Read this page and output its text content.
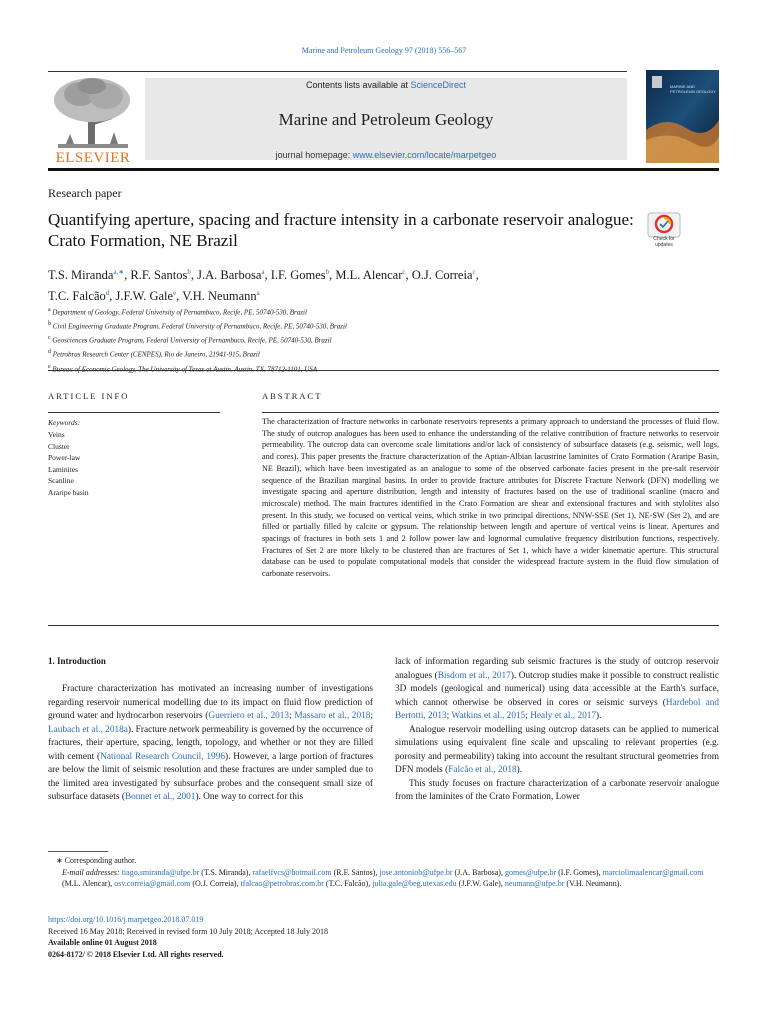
Marine and Petroleum Geology 97 (2018) 556–567

ELSEVIER
Contents lists available at ScienceDirect
Marine and Petroleum Geology
journal homepage: www.elsevier.com/locate/marpetgeo
MARINE AND PETROLEUM GEOLOGY

Research paper

Quantifying aperture, spacing and fracture intensity in a carbonate reservoir analogue: Crato Formation, NE Brazil	Check for updates

T.S. Miranda$^{a,∗}$, R.F. Santos$^b$, J.A. Barbosa$^a$, I.F. Gomes$^b$, M.L. Alencar$^c$, O.J. Correia$^c$,
T.C. Falcão$^d$, J.F.W. Gale$^e$, V.H. Neumann$^a$

$^a$ Department of Geology, Federal University of Pernambuco, Recife, PE, 50740-530, Brazil
$^b$ Civil Engineering Graduate Program, Federal University of Pernambuco, Recife, PE, 50740-530, Brazil
$^c$ Geosciences Graduate Program, Federal University of Pernambuco, Recife, PE, 50740-530, Brazil
$^d$ Petrobras Research Center (CENPES), Rio de Janeiro, 21941-915, Brazil
$^e$ Bureau of Economic Geology, The University of Texas at Austin, Austin, TX, 78712-1101, USA

ARTICLE INFO

Keywords:

Veins
Cluster
Power-law
Laminites
Scanline
Araripe basin

ABSTRACT

The characterization of fracture networks in carbonate reservoirs represents a primary approach to understand the processes of fluid flow. The study of outcrop analogues has been used to enhance the understanding of the relative contribution of fracture networks to reservoir permeability. The outcrop data can overcome scale limitations and/or lack of consistency of subsurface datasets (e.g. seismic, well logs, and cores). This paper presents the fracture characterization of the Aptian-Albian lacustrine laminites of Crato Formation (Araripe Basin, NE Brazil), which have been investigated as an analogue to some of the observed carbonate facies present in the pre-salt reservoir sequence of the Brazilian marginal basins. In order to provide fracture attributes for Discrete Fracture Network (DFN) modelling we investigate spacing and aperture distribution, length and intensity of fractures based on the use of traditional scanline (macro and microscale) method. The main fractures identified in the Crato Formation are shear and extensional fractures and with stylolites also present. In this study, we focused on vertical veins, which strike in two principal directions, NNW-SSE (Set 1), NE-SW (Set 2), and are filled or partially filled by calcite or gypsum. The relationship between length and aperture of vertical veins is linear. Apertures and spacings of fractures in both sets 1 and 2 follow power law and lognormal cumulative frequency distribution functions, respectively. Fractures of Set 2 are more likely to be clustered than are fractures of Set 1, which have a wider kinematic aperture. This structural database can be used to populate computational models that consider the widespread fracture system in the fluid flow simulation of carbonate reservoirs.

1. Introduction

Fracture characterization has motivated an increasing number of investigations regarding reservoir numerical modelling due to its impact on fluid flow prediction of ground water and hydrocarbon reservoirs (Guerriero et al., 2013; Massaro et al., 2018; Laubach et al., 2018a). Fracture network permeability is governed by the occurrence of fractures, their aperture, spacing, length, topology, and whether or not they are filled with cement (National Research Council, 1996). However, a large portion of fractures are below the limit of seismic resolution and these fractures are under sampled due to the limited area investigated by subsurface probes and the consequent small size of subsurface datasets (Bonnet et al., 2001). One way to correct for this

lack of information regarding sub seismic fractures is the study of outcrop reservoir analogues (Bisdom et al., 2017). Outcrop studies make it possible to construct realistic 3D models (geological and numerical) using data accessible at the Earth's surface, which cannot otherwise be observed in cores or seismic surveys (Hardebol and Bertotti, 2013; Watkins et al., 2015; Healy et al., 2017).

Analogue reservoir modelling using outcrop datasets can be applied to numerical simulations using equivalent fine scale and upscaling to relevant properties (e.g. porosity and permeability) taking into account the resultant structural geometries from DFN models (Falcão et al., 2018).

This study focuses on fracture characterization of a carbonate reservoir analogue from the laminites of the Crato Formation, Lower

∗ Corresponding author.
E-mail addresses: tiago.smiranda@ufpe.br (T.S. Miranda), rafaelfvcs@hotmail.com (R.F. Santos), jose.antoniob@ufpe.br (J.A. Barbosa), gomes@ufpe.br (I.F. Gomes), marciolimaalencar@gmail.com (M.L. Alencar), osv.correia@gmail.com (O.J. Correia), tfalcao@petrobras.com.br (T.C. Falcão), julia.gale@beg.utexas.edu (J.F.W. Gale), neumann@ufpe.br (V.H. Neumann).
https://doi.org/10.1016/j.marpetgeo.2018.07.019
Received 16 May 2018; Received in revised form 10 July 2018; Accepted 18 July 2018
Available online 01 August 2018
0264-8172/ © 2018 Elsevier Ltd. All rights reserved.
